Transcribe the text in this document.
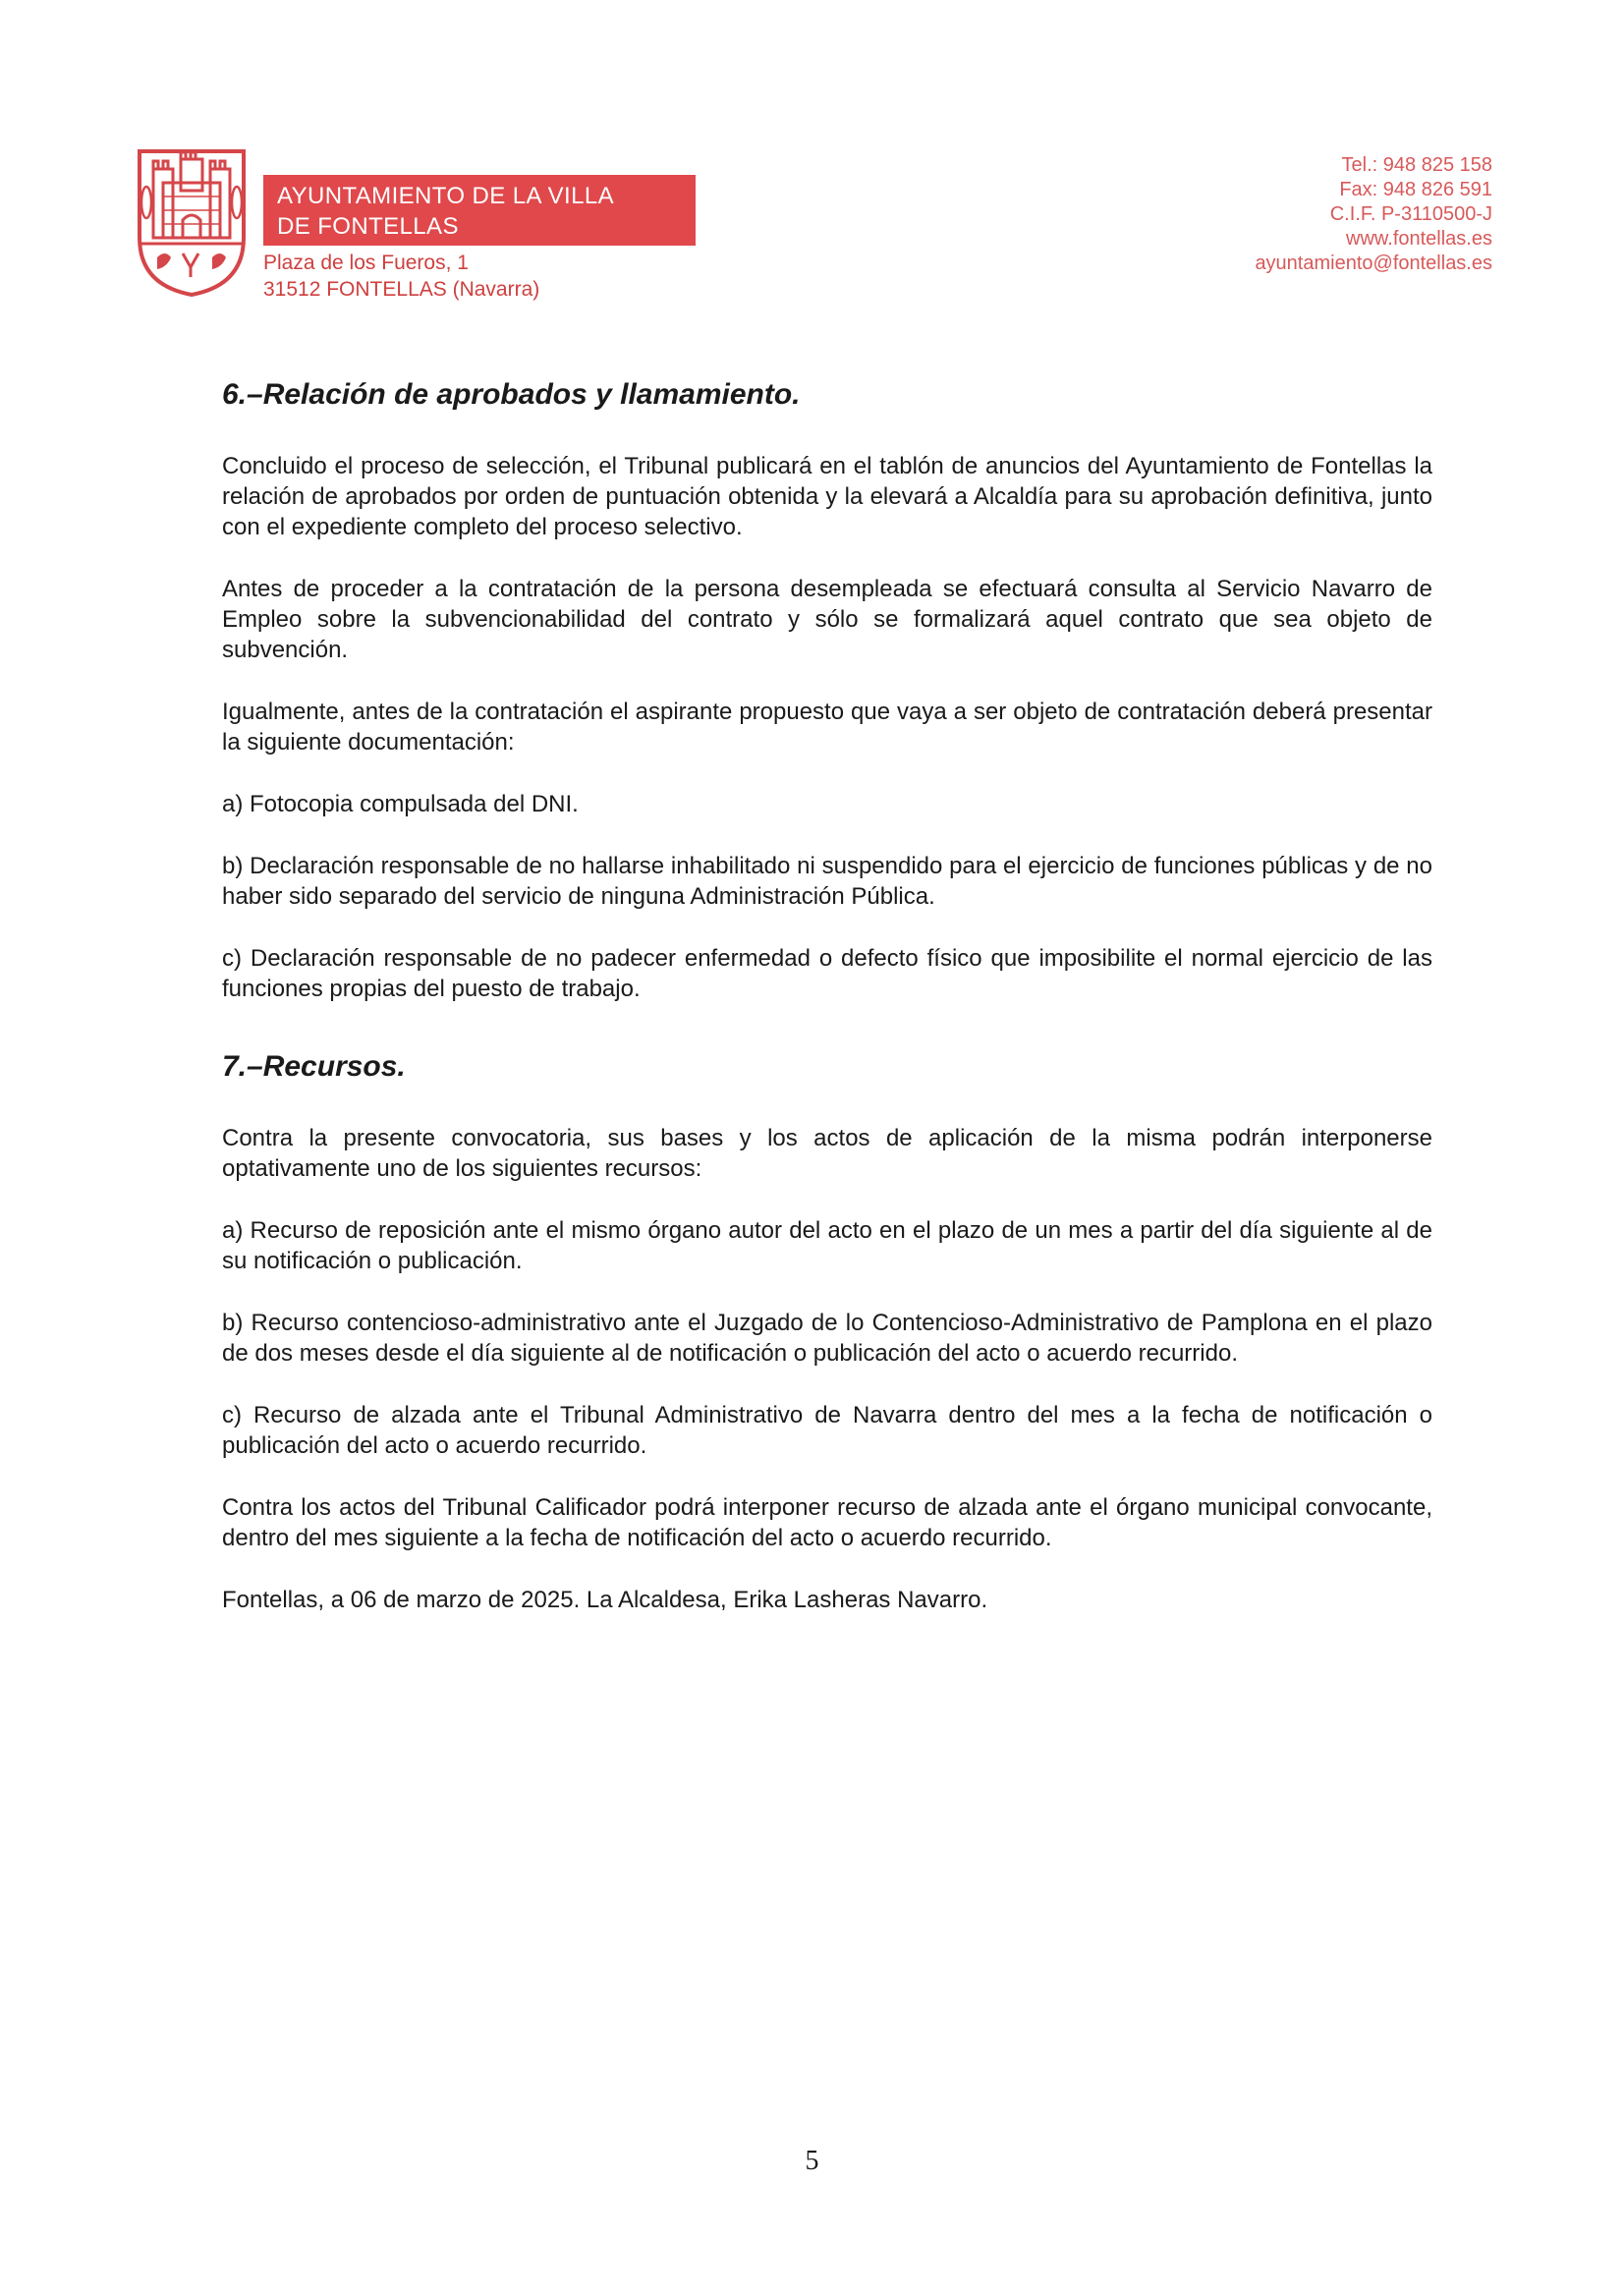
AYUNTAMIENTO DE LA VILLA
DE FONTELLAS
Plaza de los Fueros, 1
31512 FONTELLAS (Navarra)
Tel.: 948 825 158
Fax: 948 826 591
C.I.F. P-3110500-J
www.fontellas.es
ayuntamiento@fontellas.es
6.–Relación de aprobados y llamamiento.

Concluido el proceso de selección, el Tribunal publicará en el tablón de anuncios del Ayuntamiento de Fontellas la relación de aprobados por orden de puntuación obtenida y la elevará a Alcaldía para su aprobación definitiva, junto con el expediente completo del proceso selectivo.

Antes de proceder a la contratación de la persona desempleada se efectuará consulta al Servicio Navarro de Empleo sobre la subvencionabilidad del contrato y sólo se formalizará aquel contrato que sea objeto de subvención.

Igualmente, antes de la contratación el aspirante propuesto que vaya a ser objeto de contratación deberá presentar la siguiente documentación:

a) Fotocopia compulsada del DNI.

b) Declaración responsable de no hallarse inhabilitado ni suspendido para el ejercicio de funciones públicas y de no haber sido separado del servicio de ninguna Administración Pública.

c) Declaración responsable de no padecer enfermedad o defecto físico que imposibilite el normal ejercicio de las funciones propias del puesto de trabajo.

7.–Recursos.

Contra la presente convocatoria, sus bases y los actos de aplicación de la misma podrán interponerse optativamente uno de los siguientes recursos:

a) Recurso de reposición ante el mismo órgano autor del acto en el plazo de un mes a partir del día siguiente al de su notificación o publicación.

b) Recurso contencioso-administrativo ante el Juzgado de lo Contencioso-Administrativo de Pamplona en el plazo de dos meses desde el día siguiente al de notificación o publicación del acto o acuerdo recurrido.

c) Recurso de alzada ante el Tribunal Administrativo de Navarra dentro del mes a la fecha de notificación o publicación del acto o acuerdo recurrido.

Contra los actos del Tribunal Calificador podrá interponer recurso de alzada ante el órgano municipal convocante, dentro del mes siguiente a la fecha de notificación del acto o acuerdo recurrido.

Fontellas, a 06 de marzo de 2025. La Alcaldesa, Erika Lasheras Navarro.

5
